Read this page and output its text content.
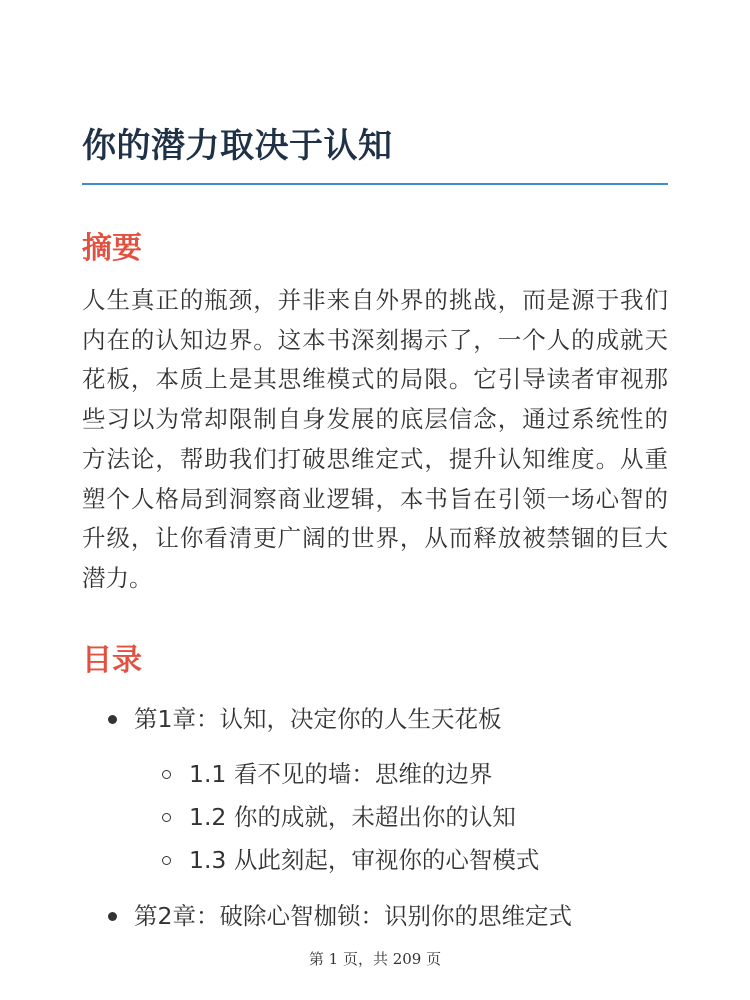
你的潜力取决于认知
摘要

人生真正的瓶颈，并非来自外界的挑战，而是源于我们内在的认知边界。这本书深刻揭示了，一个人的成就天花板，本质上是其思维模式的局限。它引导读者审视那些习以为常却限制自身发展的底层信念，通过系统性的方法论，帮助我们打破思维定式，提升认知维度。从重塑个人格局到洞察商业逻辑，本书旨在引领一场心智的升级，让你看清更广阔的世界，从而释放被禁锢的巨大潜力。

目录
第1章：认知，决定你的人生天花板
1.1 看不见的墙：思维的边界
1.2 你的成就，未超出你的认知
1.3 从此刻起，审视你的心智模式
第2章：破除心智枷锁：识别你的思维定式
第 1 页，共 209 页
